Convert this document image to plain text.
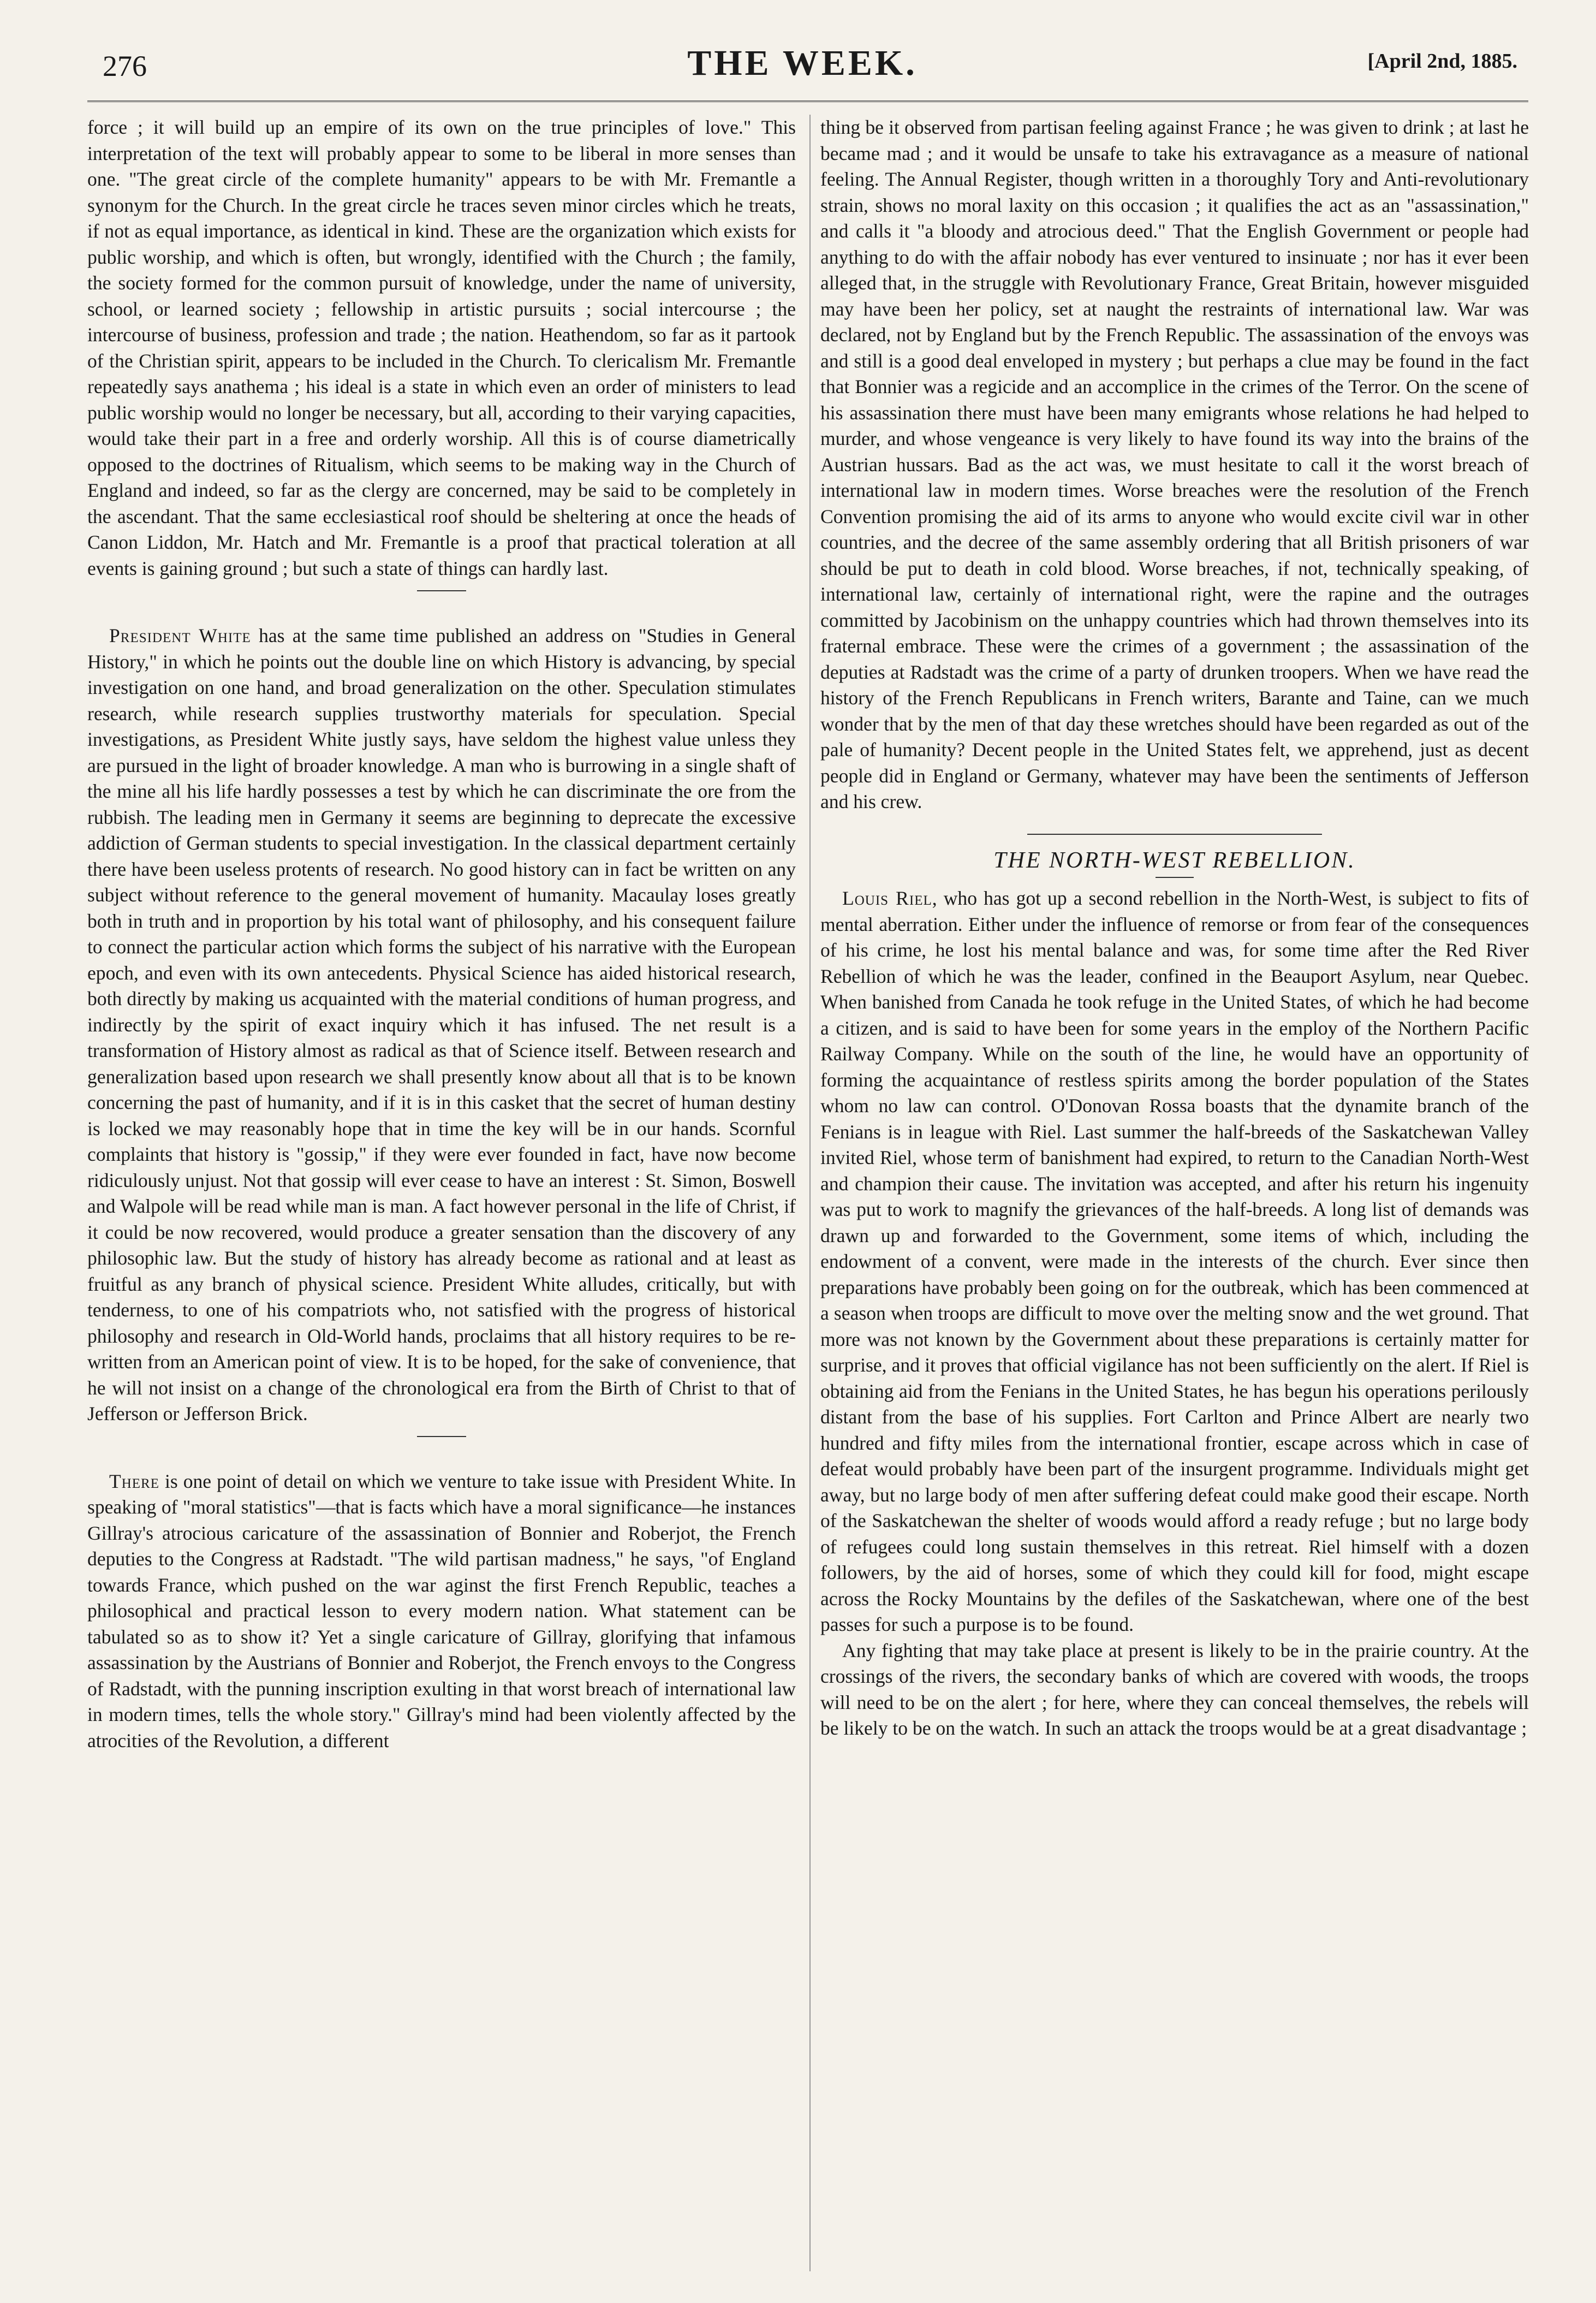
276	THE WEEK.	[April 2nd, 1885.

force ; it will build up an empire of its own on the true principles of love." This interpretation of the text will probably appear to some to be liberal in more senses than one. "The great circle of the complete humanity" appears to be with Mr. Fremantle a synonym for the Church. In the great circle he traces seven minor circles which he treats, if not as equal importance, as identical in kind. These are the organization which exists for public worship, and which is often, but wrongly, identified with the Church ; the family, the society formed for the common pursuit of knowledge, under the name of university, school, or learned society ; fellowship in artistic pursuits ; social intercourse ; the intercourse of business, profession and trade ; the nation. Heathendom, so far as it partook of the Christian spirit, appears to be included in the Church. To clericalism Mr. Fremantle repeatedly says anathema ; his ideal is a state in which even an order of ministers to lead public worship would no longer be necessary, but all, according to their varying capacities, would take their part in a free and orderly worship. All this is of course diametrically opposed to the doctrines of Ritualism, which seems to be making way in the Church of England and indeed, so far as the clergy are concerned, may be said to be completely in the ascendant. That the same ecclesiastical roof should be sheltering at once the heads of Canon Liddon, Mr. Hatch and Mr. Fremantle is a proof that practical toleration at all events is gaining ground ; but such a state of things can hardly last.

President White has at the same time published an address on "Studies in General History," in which he points out the double line on which History is advancing, by special investigation on one hand, and broad generalization on the other. Speculation stimulates research, while research supplies trustworthy materials for speculation. Special investigations, as President White justly says, have seldom the highest value unless they are pursued in the light of broader knowledge. A man who is burrowing in a single shaft of the mine all his life hardly possesses a test by which he can discriminate the ore from the rubbish. The leading men in Germany it seems are beginning to deprecate the excessive addiction of German students to special investigation. In the classical department certainly there have been useless protents of research. No good history can in fact be written on any subject without reference to the general movement of humanity. Macaulay loses greatly both in truth and in proportion by his total want of philosophy, and his consequent failure to connect the particular action which forms the subject of his narrative with the European epoch, and even with its own antecedents. Physical Science has aided historical research, both directly by making us acquainted with the material conditions of human progress, and indirectly by the spirit of exact inquiry which it has infused. The net result is a transformation of History almost as radical as that of Science itself. Between research and generalization based upon research we shall presently know about all that is to be known concerning the past of humanity, and if it is in this casket that the secret of human destiny is locked we may reasonably hope that in time the key will be in our hands. Scornful complaints that history is "gossip," if they were ever founded in fact, have now become ridiculously unjust. Not that gossip will ever cease to have an interest : St. Simon, Boswell and Walpole will be read while man is man. A fact however personal in the life of Christ, if it could be now recovered, would produce a greater sensation than the discovery of any philosophic law. But the study of history has already become as rational and at least as fruitful as any branch of physical science. President White alludes, critically, but with tenderness, to one of his compatriots who, not satisfied with the progress of historical philosophy and research in Old-World hands, proclaims that all history requires to be re-written from an American point of view. It is to be hoped, for the sake of convenience, that he will not insist on a change of the chronological era from the Birth of Christ to that of Jefferson or Jefferson Brick.

There is one point of detail on which we venture to take issue with President White. In speaking of "moral statistics"—that is facts which have a moral significance—he instances Gillray's atrocious caricature of the assassination of Bonnier and Roberjot, the French deputies to the Congress at Radstadt. "The wild partisan madness," he says, "of England towards France, which pushed on the war aginst the first French Republic, teaches a philosophical and practical lesson to every modern nation. What statement can be tabulated so as to show it? Yet a single caricature of Gillray, glorifying that infamous assassination by the Austrians of Bonnier and Roberjot, the French envoys to the Congress of Radstadt, with the punning inscription exulting in that worst breach of international law in modern times, tells the whole story." Gillray's mind had been violently affected by the atrocities of the Revolution, a different

thing be it observed from partisan feeling against France ; he was given to drink ; at last he became mad ; and it would be unsafe to take his extravagance as a measure of national feeling. The Annual Register, though written in a thoroughly Tory and Anti-revolutionary strain, shows no moral laxity on this occasion ; it qualifies the act as an "assassination," and calls it "a bloody and atrocious deed." That the English Government or people had anything to do with the affair nobody has ever ventured to insinuate ; nor has it ever been alleged that, in the struggle with Revolutionary France, Great Britain, however misguided may have been her policy, set at naught the restraints of international law. War was declared, not by England but by the French Republic. The assassination of the envoys was and still is a good deal enveloped in mystery ; but perhaps a clue may be found in the fact that Bonnier was a regicide and an accomplice in the crimes of the Terror. On the scene of his assassination there must have been many emigrants whose relations he had helped to murder, and whose vengeance is very likely to have found its way into the brains of the Austrian hussars. Bad as the act was, we must hesitate to call it the worst breach of international law in modern times. Worse breaches were the resolution of the French Convention promising the aid of its arms to anyone who would excite civil war in other countries, and the decree of the same assembly ordering that all British prisoners of war should be put to death in cold blood. Worse breaches, if not, technically speaking, of international law, certainly of international right, were the rapine and the outrages committed by Jacobinism on the unhappy countries which had thrown themselves into its fraternal embrace. These were the crimes of a government ; the assassination of the deputies at Radstadt was the crime of a party of drunken troopers. When we have read the history of the French Republicans in French writers, Barante and Taine, can we much wonder that by the men of that day these wretches should have been regarded as out of the pale of humanity? Decent people in the United States felt, we apprehend, just as decent people did in England or Germany, whatever may have been the sentiments of Jefferson and his crew.

THE NORTH-WEST REBELLION.

Louis Riel, who has got up a second rebellion in the North-West, is subject to fits of mental aberration. Either under the influence of remorse or from fear of the consequences of his crime, he lost his mental balance and was, for some time after the Red River Rebellion of which he was the leader, confined in the Beauport Asylum, near Quebec. When banished from Canada he took refuge in the United States, of which he had become a citizen, and is said to have been for some years in the employ of the Northern Pacific Railway Company. While on the south of the line, he would have an opportunity of forming the acquaintance of restless spirits among the border population of the States whom no law can control. O'Donovan Rossa boasts that the dynamite branch of the Fenians is in league with Riel. Last summer the half-breeds of the Saskatchewan Valley invited Riel, whose term of banishment had expired, to return to the Canadian North-West and champion their cause. The invitation was accepted, and after his return his ingenuity was put to work to magnify the grievances of the half-breeds. A long list of demands was drawn up and forwarded to the Government, some items of which, including the endowment of a convent, were made in the interests of the church. Ever since then preparations have probably been going on for the outbreak, which has been commenced at a season when troops are difficult to move over the melting snow and the wet ground. That more was not known by the Government about these preparations is certainly matter for surprise, and it proves that official vigilance has not been sufficiently on the alert. If Riel is obtaining aid from the Fenians in the United States, he has begun his operations perilously distant from the base of his supplies. Fort Carlton and Prince Albert are nearly two hundred and fifty miles from the international frontier, escape across which in case of defeat would probably have been part of the insurgent programme. Individuals might get away, but no large body of men after suffering defeat could make good their escape. North of the Saskatchewan the shelter of woods would afford a ready refuge ; but no large body of refugees could long sustain themselves in this retreat. Riel himself with a dozen followers, by the aid of horses, some of which they could kill for food, might escape across the Rocky Mountains by the defiles of the Saskatchewan, where one of the best passes for such a purpose is to be found.

Any fighting that may take place at present is likely to be in the prairie country. At the crossings of the rivers, the secondary banks of which are covered with woods, the troops will need to be on the alert ; for here, where they can conceal themselves, the rebels will be likely to be on the watch. In such an attack the troops would be at a great disadvantage ;
